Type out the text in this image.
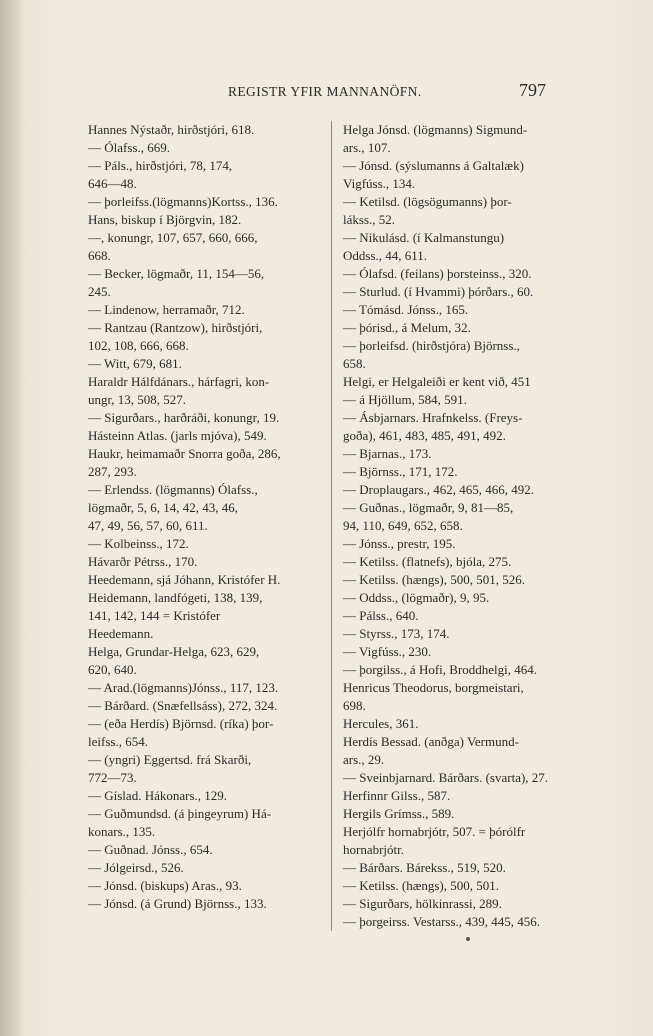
REGISTR YFIR MANNANÖFN.	797
Hannes Nýstaðr, hirðstjóri, 618.
— Ólafss., 669.
— Páls., hirðstjóri, 78, 174,
646—48.
— þorleifss.(lögmanns)Kortss., 136.
Hans, biskup í Björgvin, 182.
—, konungr, 107, 657, 660, 666,
668.
— Becker, lögmaðr, 11, 154—56,
245.
— Lindenow, herramaðr, 712.
— Rantzau (Rantzow), hirðstjóri,
102, 108, 666, 668.
— Witt, 679, 681.
Haraldr Hálfdánars., hárfagri, kon-
ungr, 13, 508, 527.
— Sigurðars., harðráði, konungr, 19.
Hásteinn Atlas. (jarls mjóva), 549.
Haukr, heimamaðr Snorra goða, 286,
287, 293.
— Erlendss. (lögmanns) Ólafss.,
lögmaðr, 5, 6, 14, 42, 43, 46,
47, 49, 56, 57, 60, 611.
— Kolbeinss., 172.
Hávarðr Pétrss., 170.
Heedemann, sjá Jóhann, Kristófer H.
Heidemann, landfógeti, 138, 139,
141, 142, 144 = Kristófer
Heedemann.
Helga, Grundar-Helga, 623, 629,
620, 640.
— Arad.(lögmanns)Jónss., 117, 123.
— Bárðard. (Snæfellsáss), 272, 324.
— (eða Herdís) Björnsd. (ríka) þor-
leifss., 654.
— (yngri) Eggertsd. frá Skarði,
772—73.
— Gíslad. Hákonars., 129.
— Guðmundsd. (á þingeyrum) Há-
konars., 135.
— Guðnad. Jónss., 654.
— Jólgeirsd., 526.
— Jónsd. (biskups) Aras., 93.
— Jónsd. (á Grund) Björnss., 133.
Helga Jónsd. (lögmanns) Sigmund-
ars., 107.
— Jónsd. (sýslumanns á Galtalæk)
Vigfúss., 134.
— Ketilsd. (lögsögumanns) þor-
lákss., 52.
— Nikulásd. (í Kalmanstungu)
Oddss., 44, 611.
— Ólafsd. (feilans) þorsteinss., 320.
— Sturlud. (í Hvammi) þórðars., 60.
— Tómásd. Jónss., 165.
— þórisd., á Melum, 32.
— þorleifsd. (hirðstjóra) Björnss.,
658.
Helgi, er Helgaleiði er kent við, 451
— á Hjöllum, 584, 591.
— Ásbjarnars. Hrafnkelss. (Freys-
goða), 461, 483, 485, 491, 492.
— Bjarnas., 173.
— Björnss., 171, 172.
— Droplaugars., 462, 465, 466, 492.
— Guðnas., lögmaðr, 9, 81—85,
94, 110, 649, 652, 658.
— Jónss., prestr, 195.
— Ketilss. (flatnefs), bjóla, 275.
— Ketilss. (hængs), 500, 501, 526.
— Oddss., (lögmaðr), 9, 95.
— Pálss., 640.
— Styrss., 173, 174.
— Vigfúss., 230.
— þorgilss., á Hofi, Broddhelgi, 464.
Henricus Theodorus, borgmeistari,
698.
Hercules, 361.
Herdís Bessad. (anðga) Vermund-
ars., 29.
— Sveinbjarnard. Bárðars. (svarta), 27.
Herfinnr Gilss., 587.
Hergils Grímss., 589.
Herjólfr hornabrjótr, 507. = þórólfr
hornabrjótr.
— Bárðars. Bárekss., 519, 520.
— Ketilss. (hængs), 500, 501.
— Sigurðars, hölkinrassi, 289.
— þorgeirss. Vestarss., 439, 445, 456.
